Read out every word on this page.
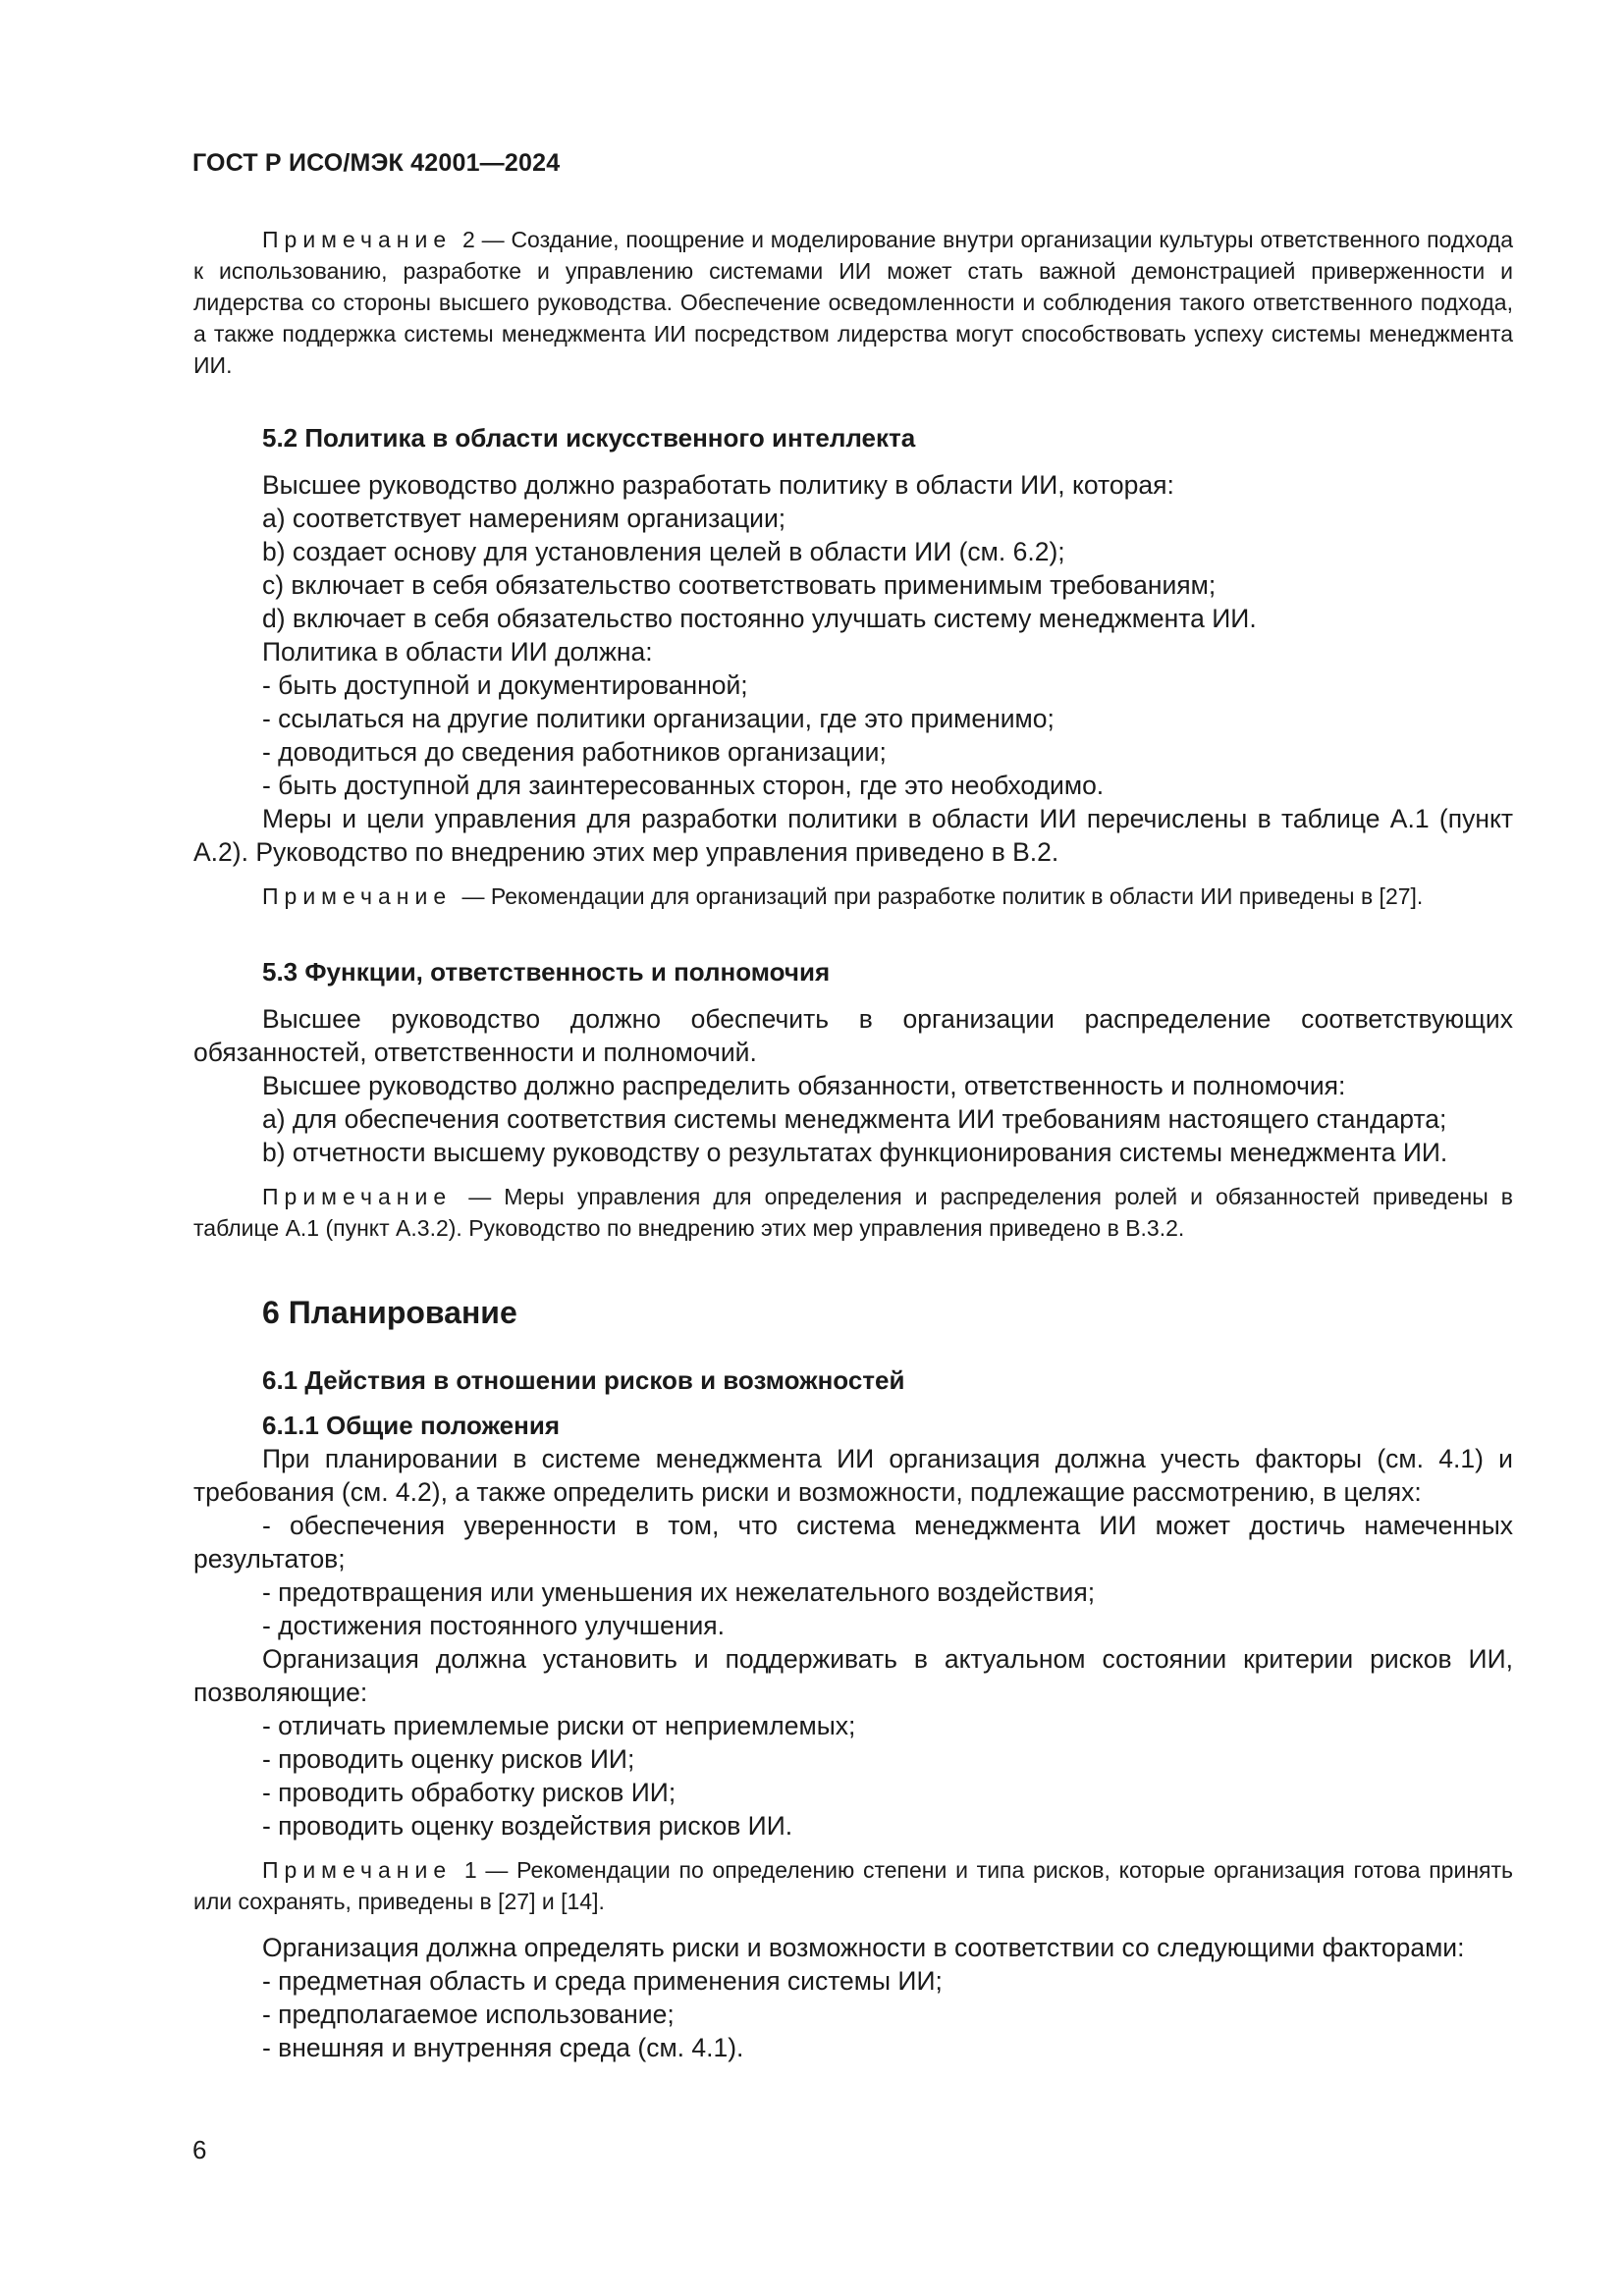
ГОСТ Р ИСО/МЭК 42001—2024

Примечание 2 — Создание, поощрение и моделирование внутри организации культуры ответственного подхода к использованию, разработке и управлению системами ИИ может стать важной демонстрацией приверженности и лидерства со стороны высшего руководства. Обеспечение осведомленности и соблюдения такого ответственного подхода, а также поддержка системы менеджмента ИИ посредством лидерства могут способствовать успеху системы менеджмента ИИ.

5.2 Политика в области искусственного интеллекта

Высшее руководство должно разработать политику в области ИИ, которая:

a) соответствует намерениям организации;

b) создает основу для установления целей в области ИИ (см. 6.2);

c) включает в себя обязательство соответствовать применимым требованиям;

d) включает в себя обязательство постоянно улучшать систему менеджмента ИИ.

Политика в области ИИ должна:

- быть доступной и документированной;

- ссылаться на другие политики организации, где это применимо;

- доводиться до сведения работников организации;

- быть доступной для заинтересованных сторон, где это необходимо.

Меры и цели управления для разработки политики в области ИИ перечислены в таблице А.1 (пункт А.2). Руководство по внедрению этих мер управления приведено в В.2.

Примечание — Рекомендации для организаций при разработке политик в области ИИ приведены в [27].

5.3 Функции, ответственность и полномочия

Высшее руководство должно обеспечить в организации распределение соответствующих обязанностей, ответственности и полномочий.

Высшее руководство должно распределить обязанности, ответственность и полномочия:

a) для обеспечения соответствия системы менеджмента ИИ требованиям настоящего стандарта;

b) отчетности высшему руководству о результатах функционирования системы менеджмента ИИ.

Примечание — Меры управления для определения и распределения ролей и обязанностей приведены в таблице А.1 (пункт А.3.2). Руководство по внедрению этих мер управления приведено в В.3.2.

6 Планирование

6.1 Действия в отношении рисков и возможностей

6.1.1 Общие положения

При планировании в системе менеджмента ИИ организация должна учесть факторы (см. 4.1) и требования (см. 4.2), а также определить риски и возможности, подлежащие рассмотрению, в целях:

- обеспечения уверенности в том, что система менеджмента ИИ может достичь намеченных результатов;

- предотвращения или уменьшения их нежелательного воздействия;

- достижения постоянного улучшения.

Организация должна установить и поддерживать в актуальном состоянии критерии рисков ИИ, позволяющие:

- отличать приемлемые риски от неприемлемых;

- проводить оценку рисков ИИ;

- проводить обработку рисков ИИ;

- проводить оценку воздействия рисков ИИ.

Примечание 1 — Рекомендации по определению степени и типа рисков, которые организация готова принять или сохранять, приведены в [27] и [14].

Организация должна определять риски и возможности в соответствии со следующими факторами:

- предметная область и среда применения системы ИИ;

- предполагаемое использование;

- внешняя и внутренняя среда (см. 4.1).

6
